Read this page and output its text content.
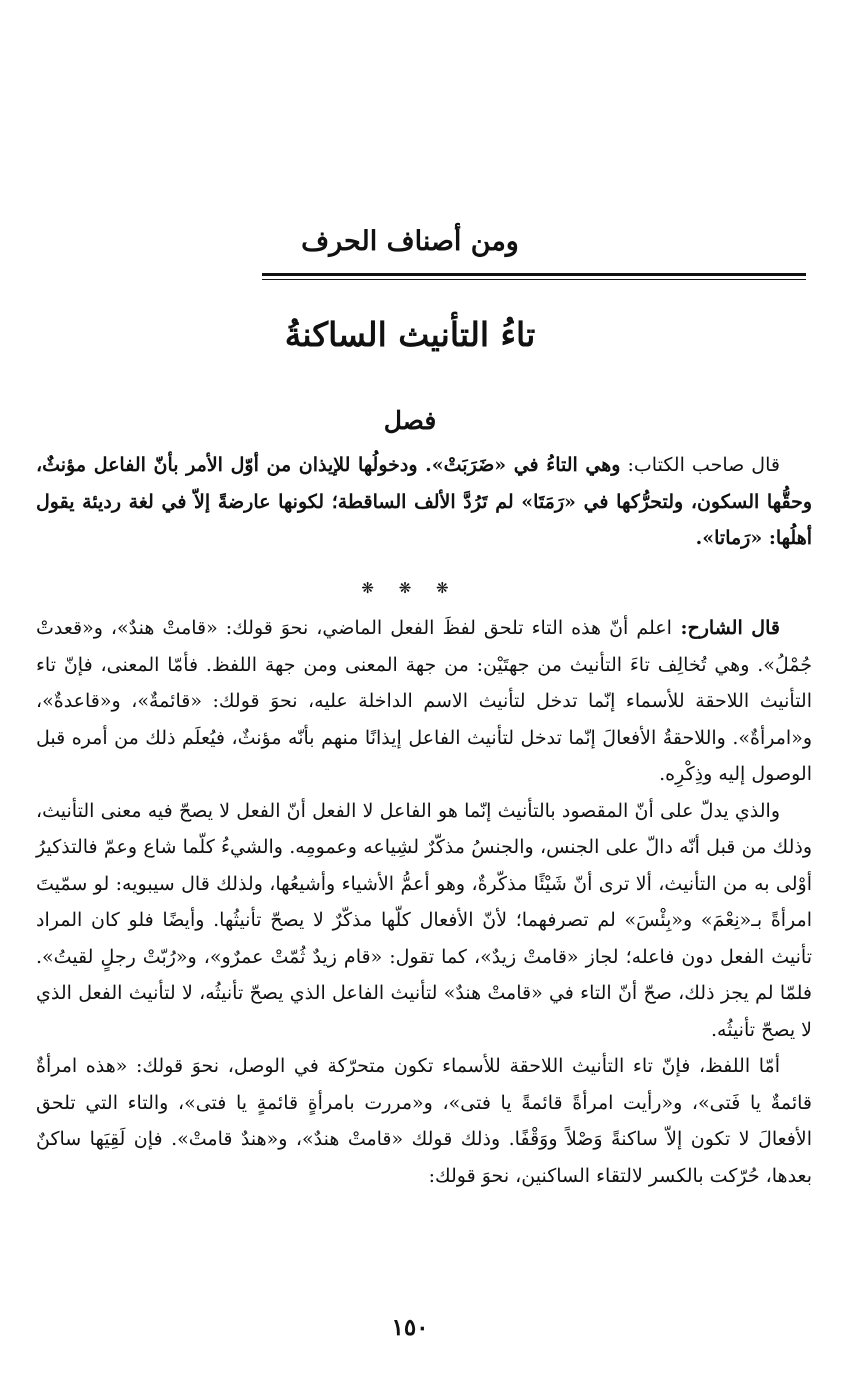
ومن أصناف الحرف
تاءُ التأنيث الساكنةُ
فصل

قال صاحب الكتاب: وهي التاءُ في «ضَرَبَتْ». ودخولُها للإيذان من أوّل الأمر بأنّ الفاعل مؤنثٌ، وحقُّها السكون، ولتحرُّكها في «رَمَتَا» لم تَرُدَّ الألف الساقطة؛ لكونها عارضةً إلاّ في لغة رديئة يقول أهلُها: «رَماتا».

❋ ❋ ❋

قال الشارح: اعلم أنّ هذه التاء تلحق لفظَ الفعل الماضي، نحوَ قولك: «قامتْ هندٌ»، و«قعدتْ جُمْلُ». وهي تُخالِف تاءَ التأنيث من جهتَيْن: من جهة المعنى ومن جهة اللفظ. فأمّا المعنى، فإنّ تاء التأنيث اللاحقة للأسماء إنّما تدخل لتأنيث الاسم الداخلة عليه، نحوَ قولك: «قائمةٌ»، و«قاعدةٌ»، و«امرأةٌ». واللاحقةُ الأفعالَ إنّما تدخل لتأنيث الفاعل إيذانًا منهم بأنّه مؤنثٌ، فيُعلَم ذلك من أمره قبل الوصول إليه وذِكْرِه.

والذي يدلّ على أنّ المقصود بالتأنيث إنّما هو الفاعل لا الفعل أنّ الفعل لا يصحّ فيه معنى التأنيث، وذلك من قبل أنّه دالّ على الجنس، والجنسُ مذكّرٌ لشِياعه وعمومِه. والشيءُ كلّما شاع وعمّ فالتذكيرُ أوْلى به من التأنيث، ألا ترى أنّ شَيْئًا مذكّرةٌ، وهو أعمُّ الأشياء وأشيعُها، ولذلك قال سيبويه: لو سمّيتَ امرأةً بـ«نِعْمَ» و«بِئْسَ» لم تصرفهما؛ لأنّ الأفعال كلّها مذكّرٌ لا يصحّ تأنيثُها. وأيضًا فلو كان المراد تأنيث الفعل دون فاعله؛ لجاز «قامتْ زيدٌ»، كما تقول: «قام زيدٌ ثُمّتْ عمرٌو»، و«رُبّتْ رجلٍ لقيتُ». فلمّا لم يجز ذلك، صحّ أنّ التاء في «قامتْ هندٌ» لتأنيث الفاعل الذي يصحّ تأنيثُه، لا لتأنيث الفعل الذي لا يصحّ تأنيثُه.

أمّا اللفظ، فإنّ تاء التأنيث اللاحقة للأسماء تكون متحرّكة في الوصل، نحوَ قولك: «هذه امرأةٌ قائمةٌ يا فَتى»، و«رأيت امرأةً قائمةً يا فتى»، و«مررت بامرأةٍ قائمةٍ يا فتى»، والتاء التي تلحق الأفعالَ لا تكون إلاّ ساكنةً وَصْلاً ووَقْفًا. وذلك قولك «قامتْ هندٌ»، و«هندٌ قامتْ». فإن لَقِيَها ساكنٌ بعدها، حُرّكت بالكسر لالتقاء الساكنين، نحوَ قولك:

١٥٠
